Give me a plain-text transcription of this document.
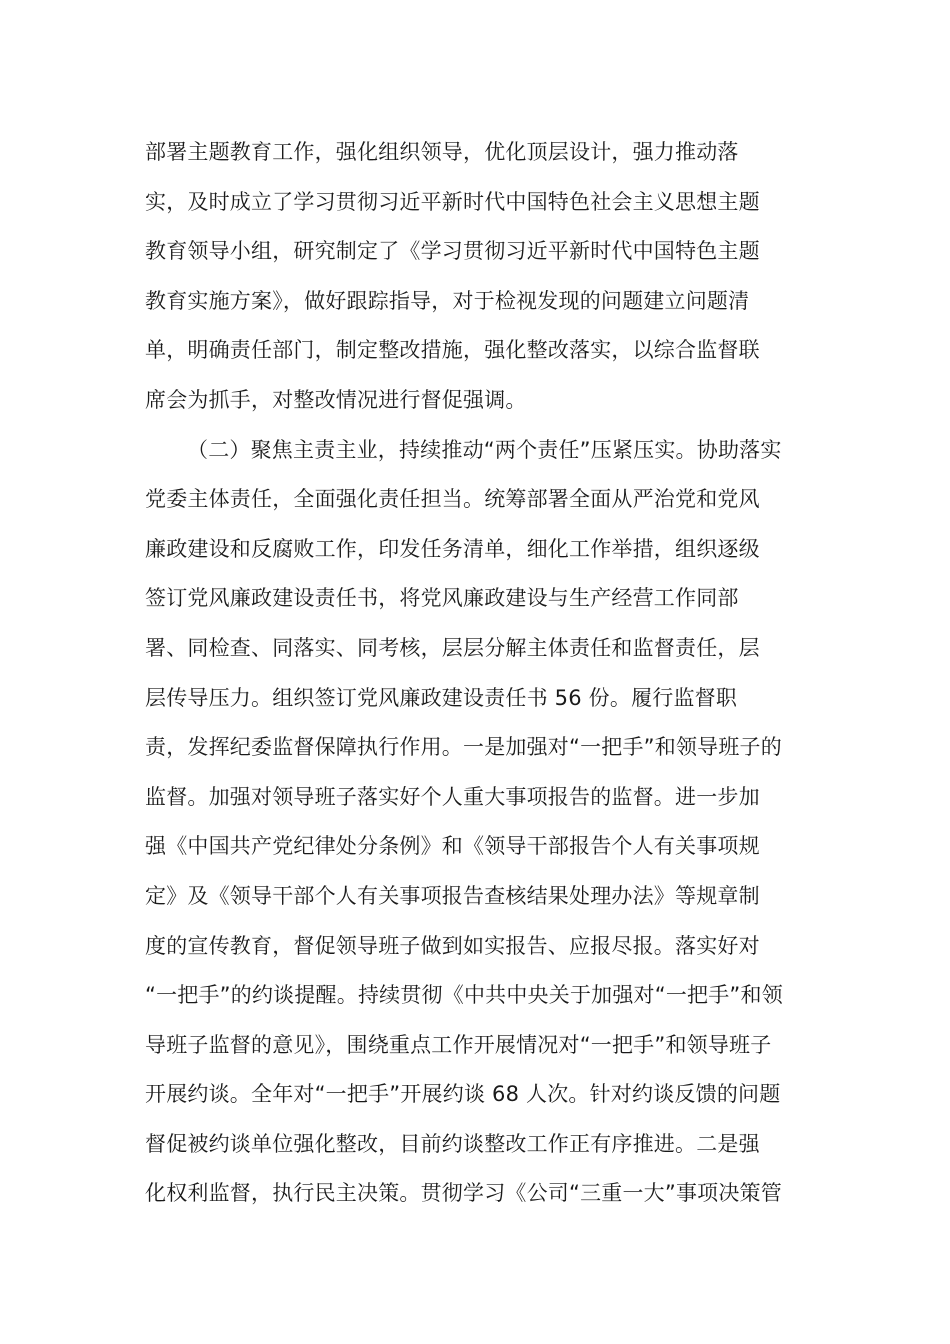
部署主题教育工作，强化组织领导，优化顶层设计，强力推动落
实，及时成立了学习贯彻习近平新时代中国特色社会主义思想主题
教育领导小组，研究制定了《学习贯彻习近平新时代中国特色主题
教育实施方案》，做好跟踪指导，对于检视发现的问题建立问题清
单，明确责任部门，制定整改措施，强化整改落实，以综合监督联
席会为抓手，对整改情况进行督促强调。
（二）聚焦主责主业，持续推动“两个责任”压紧压实。协助落实
党委主体责任，全面强化责任担当。统筹部署全面从严治党和党风
廉政建设和反腐败工作，印发任务清单，细化工作举措，组织逐级
签订党风廉政建设责任书，将党风廉政建设与生产经营工作同部
署、同检查、同落实、同考核，层层分解主体责任和监督责任，层
层传导压力。组织签订党风廉政建设责任书 56 份。履行监督职
责，发挥纪委监督保障执行作用。一是加强对“一把手”和领导班子的
监督。加强对领导班子落实好个人重大事项报告的监督。进一步加
强《中国共产党纪律处分条例》和《领导干部报告个人有关事项规
定》及《领导干部个人有关事项报告查核结果处理办法》等规章制
度的宣传教育，督促领导班子做到如实报告、应报尽报。落实好对
“一把手”的约谈提醒。持续贯彻《中共中央关于加强对“一把手”和领
导班子监督的意见》，围绕重点工作开展情况对“一把手”和领导班子
开展约谈。全年对“一把手”开展约谈 68 人次。针对约谈反馈的问题
督促被约谈单位强化整改，目前约谈整改工作正有序推进。二是强
化权利监督，执行民主决策。贯彻学习《公司“三重一大”事项决策管
